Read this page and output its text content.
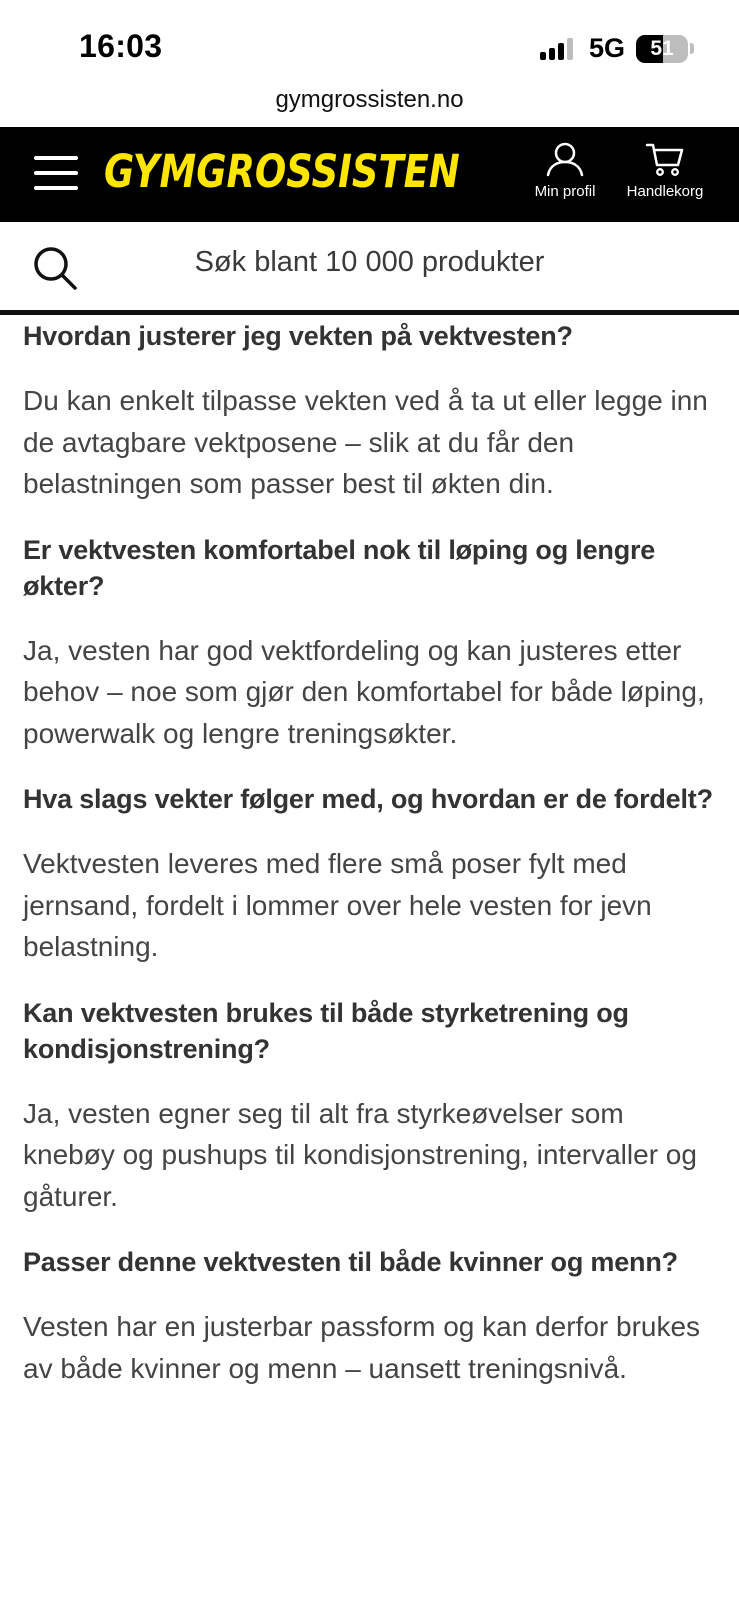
16:03	5G	51
gymgrossisten.no
GYMGROSSISTEN	Min profil	Handlekorg
Søk blant 10 000 produkter
Hvordan justerer jeg vekten på vektvesten?

Du kan enkelt tilpasse vekten ved å ta ut eller legge inn de avtagbare vektposene – slik at du får den belastningen som passer best til økten din.

Er vektvesten komfortabel nok til løping og lengre økter?

Ja, vesten har god vektfordeling og kan justeres etter behov – noe som gjør den komfortabel for både løping, powerwalk og lengre treningsøkter.

Hva slags vekter følger med, og hvordan er de fordelt?

Vektvesten leveres med flere små poser fylt med jernsand, fordelt i lommer over hele vesten for jevn belastning.

Kan vektvesten brukes til både styrketrening og kondisjonstrening?

Ja, vesten egner seg til alt fra styrkeøvelser som knebøy og pushups til kondisjonstrening, intervaller og gåturer.

Passer denne vektvesten til både kvinner og menn?

Vesten har en justerbar passform og kan derfor brukes av både kvinner og menn – uansett treningsnivå.
